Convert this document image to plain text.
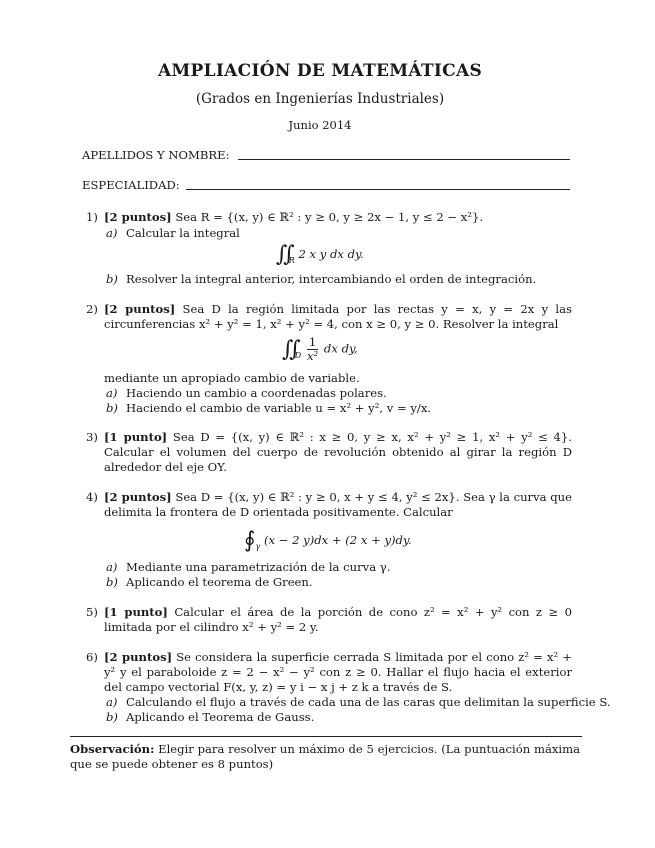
AMPLIACIÓN DE MATEMÁTICAS
(Grados en Ingenierías Industriales)
Junio 2014
APELLIDOS Y NOMBRE:
ESPECIALIDAD:
1) [2 puntos] Sea R = {(x, y) ∈ ℝ² : y ≥ 0, y ≥ 2x − 1, y ≤ 2 − x²}.
a) Calcular la integral
$∬_R$ 2 x y dx dy.
b) Resolver la integral anterior, intercambiando el orden de integración.
2) [2 puntos] Sea D la región limitada por las rectas y = x, y = 2x y las circunferencias x² + y² = 1, x² + y² = 4, con x ≥ 0, y ≥ 0. Resolver la integral
$∬_D \frac{1}{\text{x²}}$ dx dy,
mediante un apropiado cambio de variable.
a) Haciendo un cambio a coordenadas polares.
b) Haciendo el cambio de variable u = x² + y², v = y/x.
3) [1 punto] Sea D = {(x, y) ∈ ℝ² : x ≥ 0, y ≥ x, x² + y² ≥ 1, x² + y² ≤ 4}. Calcular el volumen del cuerpo de revolución obtenido al girar la región D alrededor del eje OY.
4) [2 puntos] Sea D = {(x, y) ∈ ℝ² : y ≥ 0, x + y ≤ 4, y² ≤ 2x}. Sea γ la curva que delimita la frontera de D orientada positivamente. Calcular
$∮_\gamma$ (x − 2 y)dx + (2 x + y)dy.
a) Mediante una parametrización de la curva γ.
b) Aplicando el teorema de Green.
5) [1 punto] Calcular el área de la porción de cono z² = x² + y² con z ≥ 0 limitada por el cilindro x² + y² = 2 y.
6) [2 puntos] Se considera la superficie cerrada S limitada por el cono z² = x² + y² y el paraboloide z = 2 − x² − y² con z ≥ 0. Hallar el flujo hacia el exterior del campo vectorial F(x, y, z) = y i − x j + z k a través de S.
a) Calculando el flujo a través de cada una de las caras que delimitan la superficie S.
b) Aplicando el Teorema de Gauss.
Observación: Elegir para resolver un máximo de 5 ejercicios. (La puntuación máxima que se puede obtener es 8 puntos)
